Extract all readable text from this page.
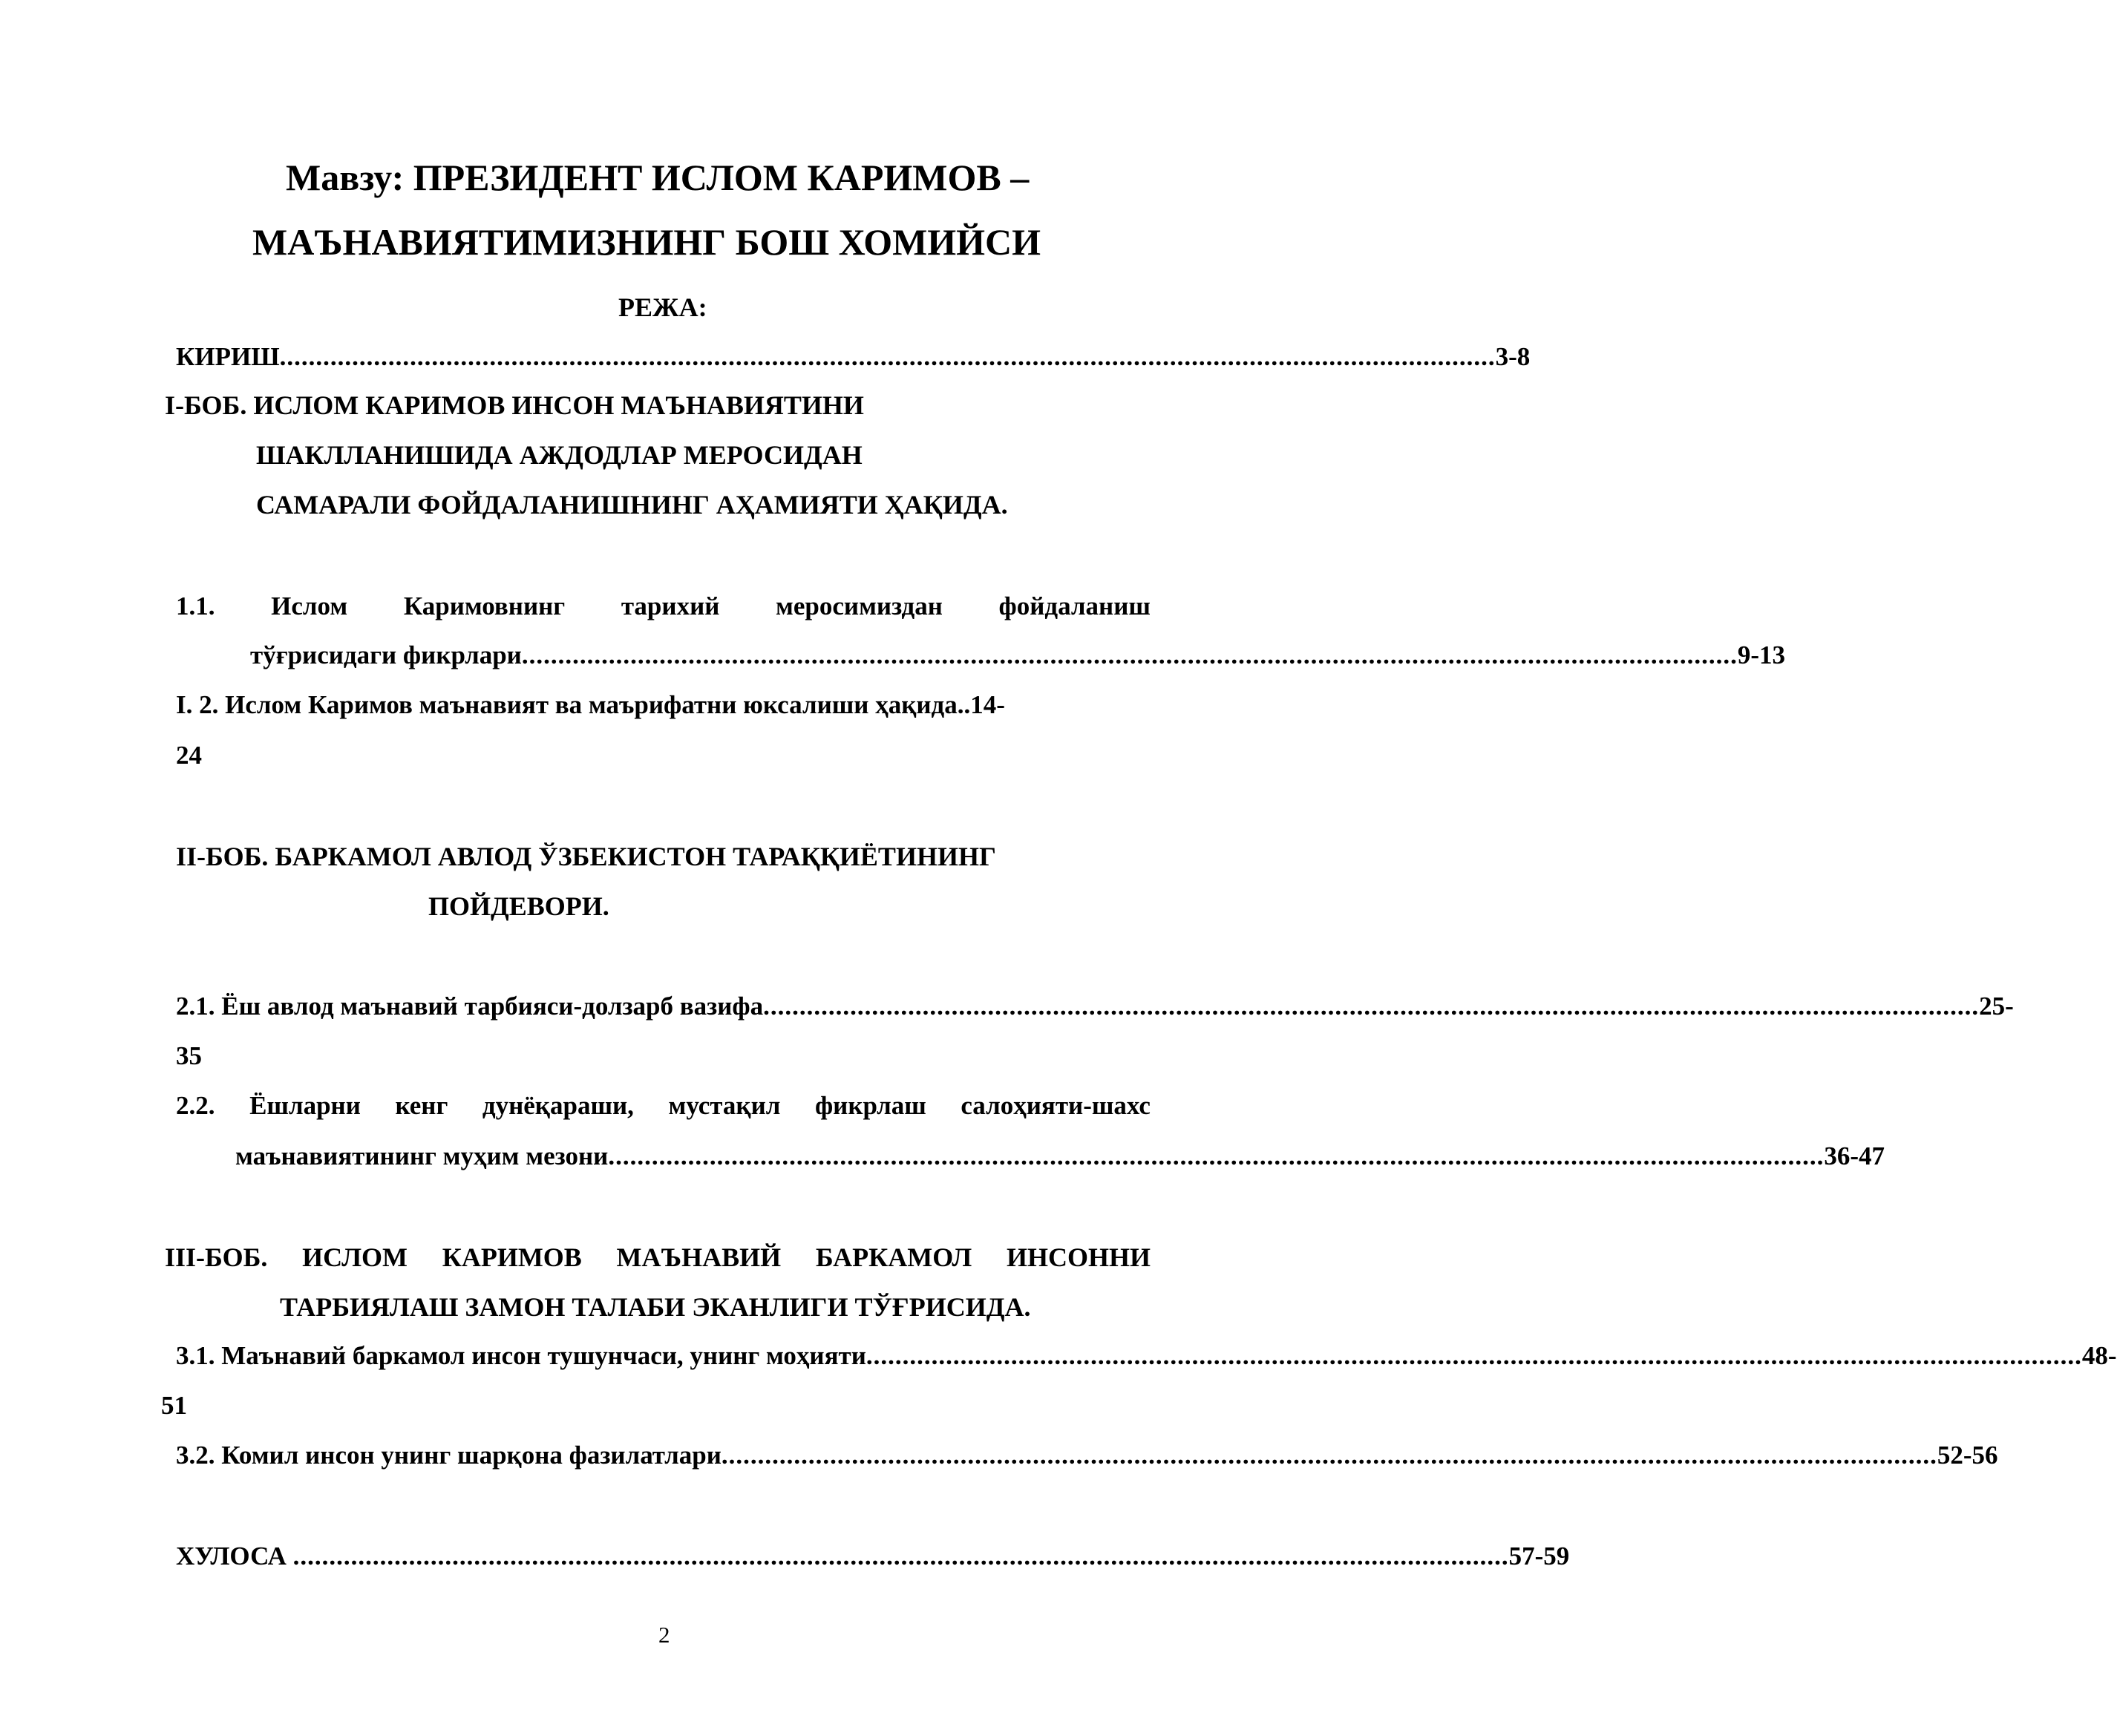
Мавзу: ПРЕЗИДЕНТ ИСЛОМ КАРИМОВ –
МАЪНАВИЯТИМИЗНИНГ БОШ ХОМИЙСИ
РЕЖА:
КИРИШ ........................................................................................................................................................................ 3-8
I-БОБ. ИСЛОМ КАРИМОВ ИНСОН МАЪНАВИЯТИНИ
ШАКЛЛАНИШИДА АЖДОДЛАР МЕРОСИДАН
САМАРАЛИ ФОЙДАЛАНИШНИНГ АҲАМИЯТИ ҲАҚИДА.
1.1. Ислом Каримовнинг тарихий меросимиздан фойдаланиш
тўғрисидаги фикрлари ........................................................................................................................................................................ 9-13
I. 2. Ислом Каримов маънавият ва маърифатни юксалиши ҳақида..14-
24
II-БОБ. БАРКАМОЛ АВЛОД ЎЗБЕКИСТОН ТАРАҚҚИЁТИНИНГ
ПОЙДЕВОРИ.
2.1. Ёш авлод маънавий тарбияси-долзарб вазифа ........................................................................................................................................................................ 25-
35
2.2. Ёшларни кенг дунёқараши, мустақил фикрлаш салоҳияти-шахс
маънавиятининг муҳим мезони ........................................................................................................................................................................ 36-47
III-БОБ. ИСЛОМ КАРИМОВ МАЪНАВИЙ БАРКАМОЛ ИНСОННИ
ТАРБИЯЛАШ ЗАМОН ТАЛАБИ ЭКАНЛИГИ ТЎҒРИСИДА.
3.1. Маънавий баркамол инсон тушунчаси, унинг моҳияти ........................................................................................................................................................................ 48-
51
3.2. Комил инсон унинг шарқона фазилатлари ........................................................................................................................................................................ 52-56
ХУЛОСА ........................................................................................................................................................................ 57-59
2
